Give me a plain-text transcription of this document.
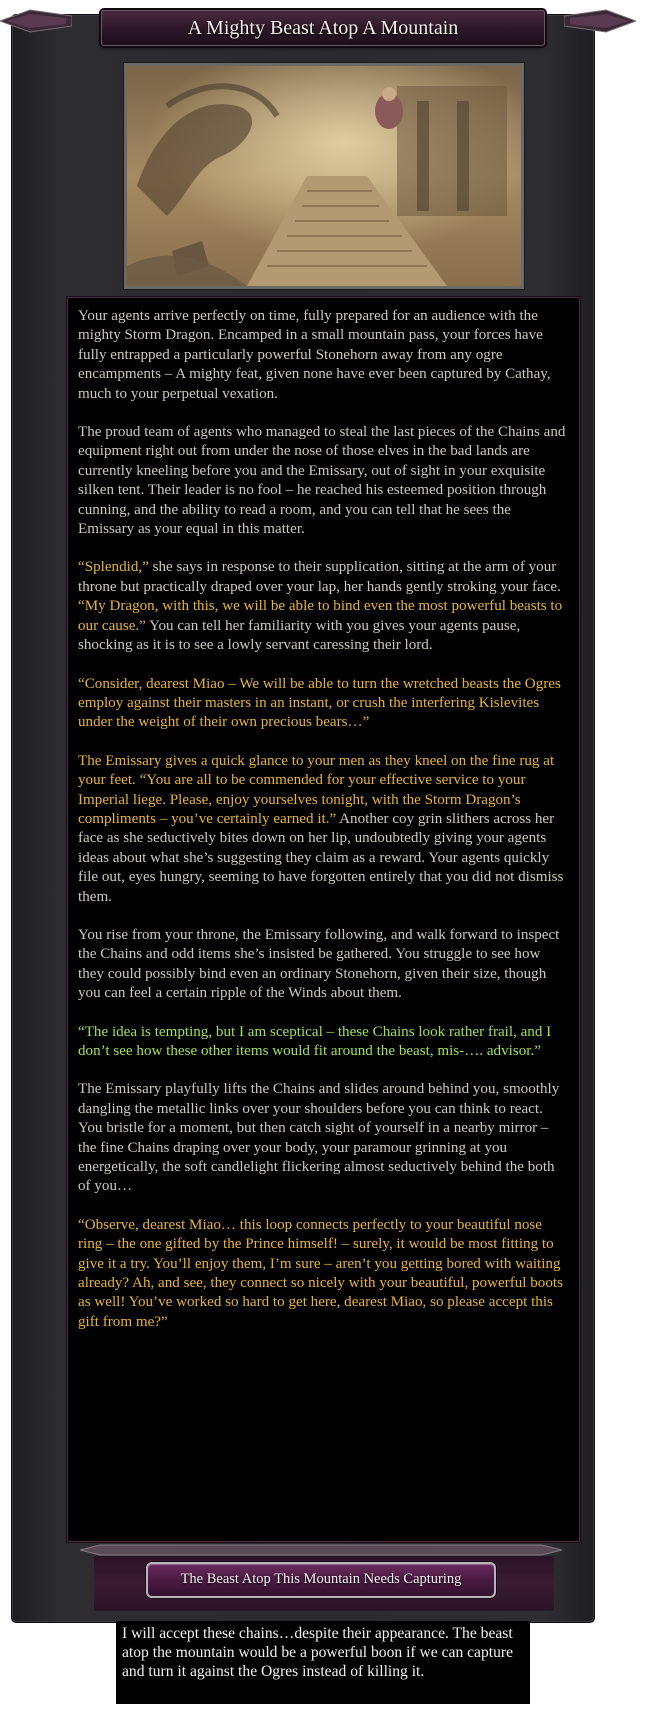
A Mighty Beast Atop A Mountain

Your agents arrive perfectly on time, fully prepared for an audience with the mighty Storm Dragon. Encamped in a small mountain pass, your forces have fully entrapped a particularly powerful Stonehorn away from any ogre encampments – A mighty feat, given none have ever been captured by Cathay, much to your perpetual vexation.

The proud team of agents who managed to steal the last pieces of the Chains and equipment right out from under the nose of those elves in the bad lands are currently kneeling before you and the Emissary, out of sight in your exquisite silken tent. Their leader is no fool – he reached his esteemed position through cunning, and the ability to read a room, and you can tell that he sees the Emissary as your equal in this matter.

“Splendid,” she says in response to their supplication, sitting at the arm of your throne but practically draped over your lap, her hands gently stroking your face. “My Dragon, with this, we will be able to bind even the most powerful beasts to our cause.” You can tell her familiarity with you gives your agents pause, shocking as it is to see a lowly servant caressing their lord.

“Consider, dearest Miao – We will be able to turn the wretched beasts the Ogres employ against their masters in an instant, or crush the interfering Kislevites under the weight of their own precious bears…”

The Emissary gives a quick glance to your men as they kneel on the fine rug at your feet. “You are all to be commended for your effective service to your Imperial liege. Please, enjoy yourselves tonight, with the Storm Dragon’s compliments – you’ve certainly earned it.” Another coy grin slithers across her face as she seductively bites down on her lip, undoubtedly giving your agents ideas about what she’s suggesting they claim as a reward. Your agents quickly file out, eyes hungry, seeming to have forgotten entirely that you did not dismiss them.

You rise from your throne, the Emissary following, and walk forward to inspect the Chains and odd items she’s insisted be gathered. You struggle to see how they could possibly bind even an ordinary Stonehorn, given their size, though you can feel a certain ripple of the Winds about them.

“The idea is tempting, but I am sceptical – these Chains look rather frail, and I don’t see how these other items would fit around the beast, mis-…. advisor.”

The Emissary playfully lifts the Chains and slides around behind you, smoothly dangling the metallic links over your shoulders before you can think to react. You bristle for a moment, but then catch sight of yourself in a nearby mirror – the fine Chains draping over your body, your paramour grinning at you energetically, the soft candlelight flickering almost seductively behind the both of you…

“Observe, dearest Miao… this loop connects perfectly to your beautiful nose ring – the one gifted by the Prince himself! – surely, it would be most fitting to give it a try. You’ll enjoy them, I’m sure – aren’t you getting bored with waiting already? Ah, and see, they connect so nicely with your beautiful, powerful boots as well! You’ve worked so hard to get here, dearest Miao, so please accept this gift from me?”

The Beast Atop This Mountain Needs Capturing
I will accept these chains…despite their appearance. The beast atop the mountain would be a powerful boon if we can capture and turn it against the Ogres instead of killing it.
